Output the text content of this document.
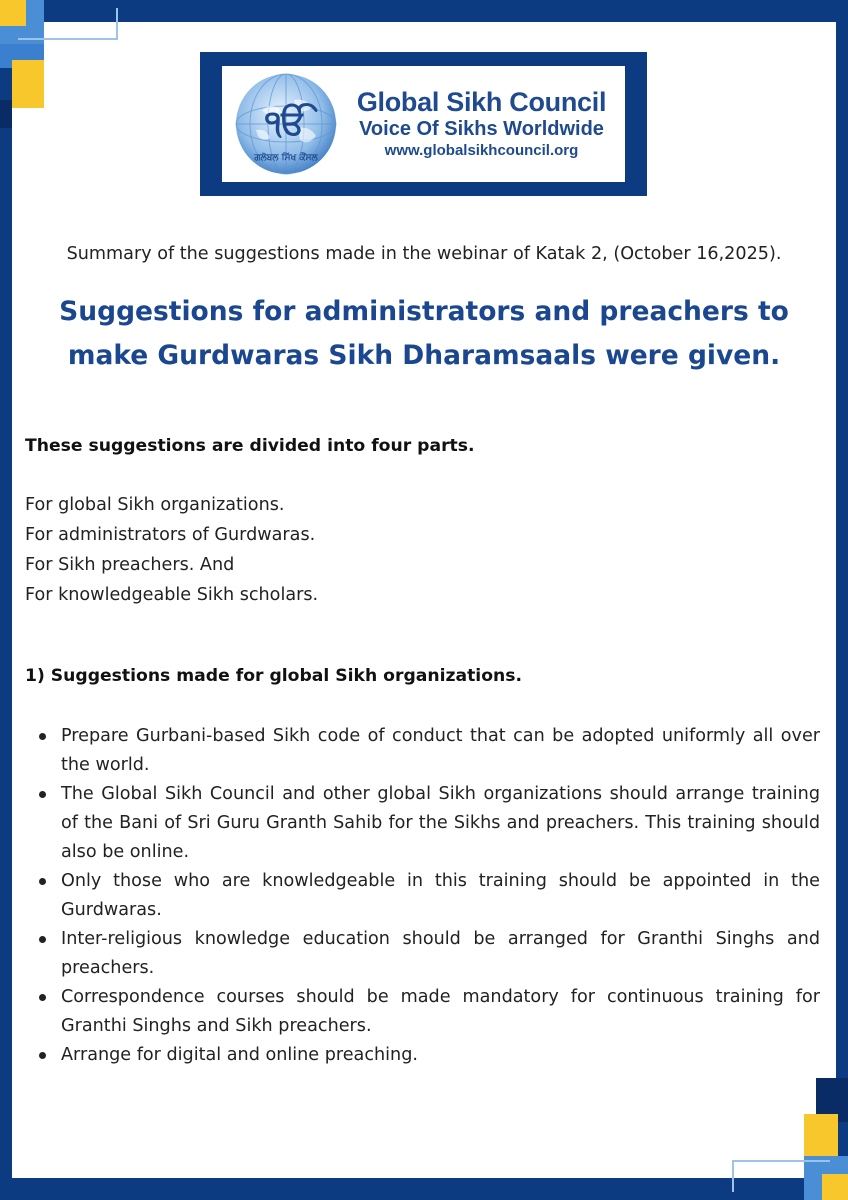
ੴ
ਗਲੋਬਲ ਸਿੱਖ ਕੌਂਸਲ
Global Sikh Council
Voice Of Sikhs Worldwide
www.globalsikhcouncil.org
Summary of the suggestions made in the webinar of Katak 2, (October 16,2025).
Suggestions for administrators and preachers to make Gurdwaras Sikh Dharamsaals were given.
These suggestions are divided into four parts.
For global Sikh organizations.
For administrators of Gurdwaras.
For Sikh preachers. And
For knowledgeable Sikh scholars.
1) Suggestions made for global Sikh organizations.
Prepare Gurbani-based Sikh code of conduct that can be adopted uniformly all over the world.
The Global Sikh Council and other global Sikh organizations should arrange training of the Bani of Sri Guru Granth Sahib for the Sikhs and preachers. This training should also be online.
Only those who are knowledgeable in this training should be appointed in the Gurdwaras.
Inter-religious knowledge education should be arranged for Granthi Singhs and preachers.
Correspondence courses should be made mandatory for continuous training for Granthi Singhs and Sikh preachers.
Arrange for digital and online preaching.
